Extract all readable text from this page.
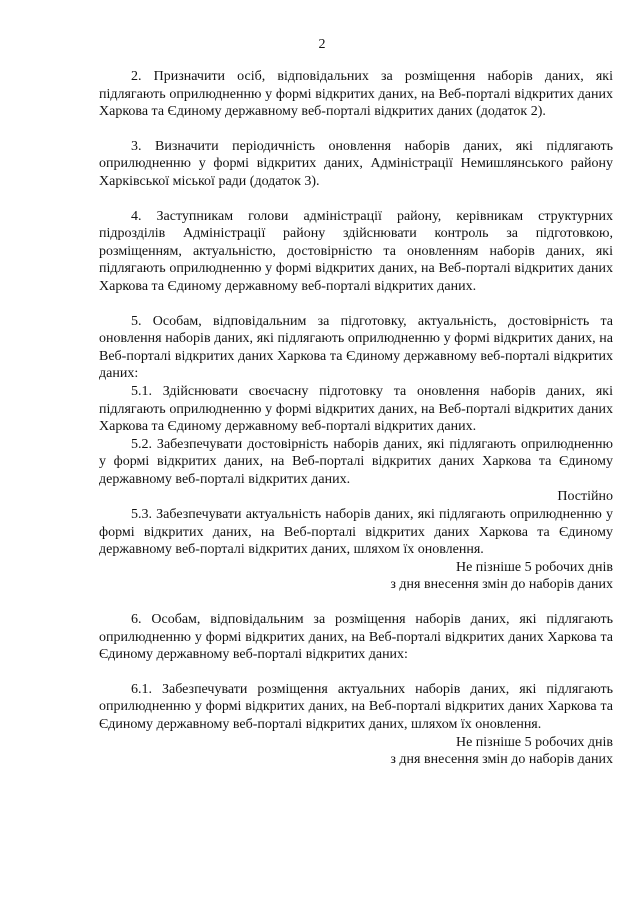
2

2. Призначити осіб, відповідальних за розміщення наборів даних, які підлягають оприлюдненню у формі відкритих даних, на Веб-порталі відкритих даних Харкова та Єдиному державному веб-порталі відкритих даних (додаток 2).

3. Визначити періодичність оновлення наборів даних, які підлягають оприлюдненню у формі відкритих даних, Адміністрації Немишлянського району Харківської міської ради (додаток 3).

4. Заступникам голови адміністрації району, керівникам структурних підрозділів Адміністрації району здійснювати контроль за підготовкою, розміщенням, актуальністю, достовірністю та оновленням наборів даних, які підлягають оприлюдненню у формі відкритих даних, на Веб-порталі відкритих даних Харкова та Єдиному державному веб-порталі відкритих даних.

5. Особам, відповідальним за підготовку, актуальність, достовірність та оновлення наборів даних, які підлягають оприлюдненню у формі відкритих даних, на Веб-порталі відкритих даних Харкова та Єдиному державному веб-порталі відкритих даних:

5.1. Здійснювати своєчасну підготовку та оновлення наборів даних, які підлягають оприлюдненню у формі відкритих даних, на Веб-порталі відкритих даних Харкова та Єдиному державному веб-порталі відкритих даних.

5.2. Забезпечувати достовірність наборів даних, які підлягають оприлюдненню у формі відкритих даних, на Веб-порталі відкритих даних Харкова та Єдиному державному веб-порталі відкритих даних.

Постійно

5.3. Забезпечувати актуальність наборів даних, які підлягають оприлюдненню у формі відкритих даних, на Веб-порталі відкритих даних Харкова та Єдиному державному веб-порталі відкритих даних, шляхом їх оновлення.

Не пізніше 5 робочих днів

з дня внесення змін до наборів даних

6. Особам, відповідальним за розміщення наборів даних, які підлягають оприлюдненню у формі відкритих даних, на Веб-порталі відкритих даних Харкова та Єдиному державному веб-порталі відкритих даних:

6.1. Забезпечувати розміщення актуальних наборів даних, які підлягають оприлюдненню у формі відкритих даних, на Веб-порталі відкритих даних Харкова та Єдиному державному веб-порталі відкритих даних, шляхом їх оновлення.

Не пізніше 5 робочих днів

з дня внесення змін до наборів даних
